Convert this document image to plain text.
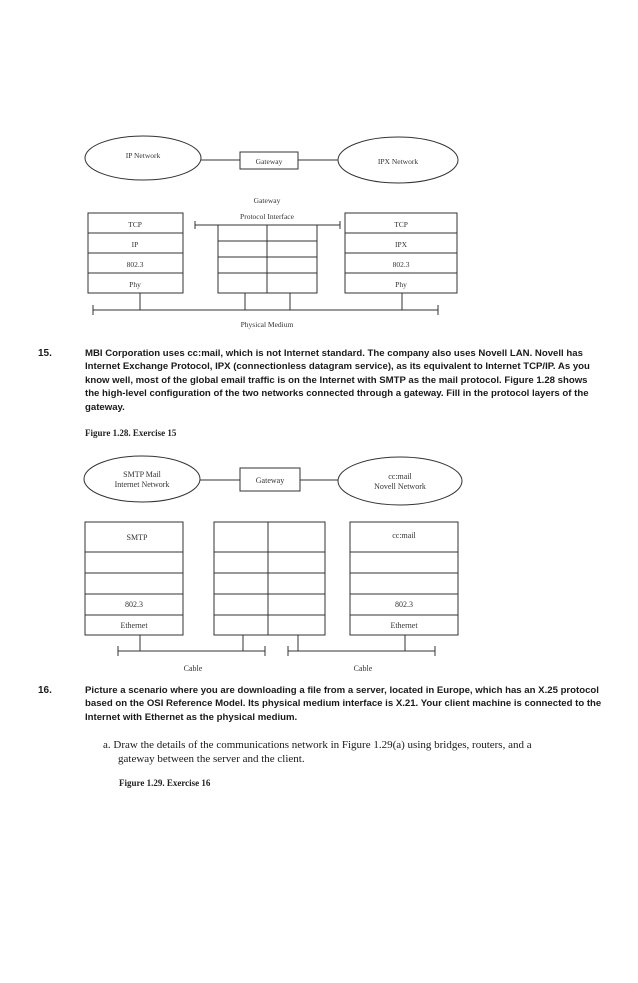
IP Network
Gateway	IPX Network
Gateway
Protocol Interface
TCP
IP
802.3
Phy
TCP
IPX
802.3
Phy
Physical Medium
15.	MBI Corporation uses cc:mail, which is not Internet standard. The company also uses Novell LAN. Novell has
Internet Exchange Protocol, IPX (connectionless datagram service), as its equivalent to Internet TCP/IP. As you
know well, most of the global email traffic is on the Internet with SMTP as the mail protocol. Figure 1.28 shows
the high-level configuration of the two networks connected through a gateway. Fill in the protocol layers of the
gateway.
Figure 1.28. Exercise 15
SMTP Mail
Internet Network	Gateway	cc:mail
Novell Network
SMTP
802.3
Ethernet
cc:mail
802.3
Ethernet
Cable	Cable
16.	Picture a scenario where you are downloading a file from a server, located in Europe, which has an X.25 protocol
based on the OSI Reference Model. Its physical medium interface is X.21. Your client machine is connected to the
Internet with Ethernet as the physical medium.
a. Draw the details of the communications network in Figure 1.29(a) using bridges, routers, and a
gateway between the server and the client.
Figure 1.29. Exercise 16
